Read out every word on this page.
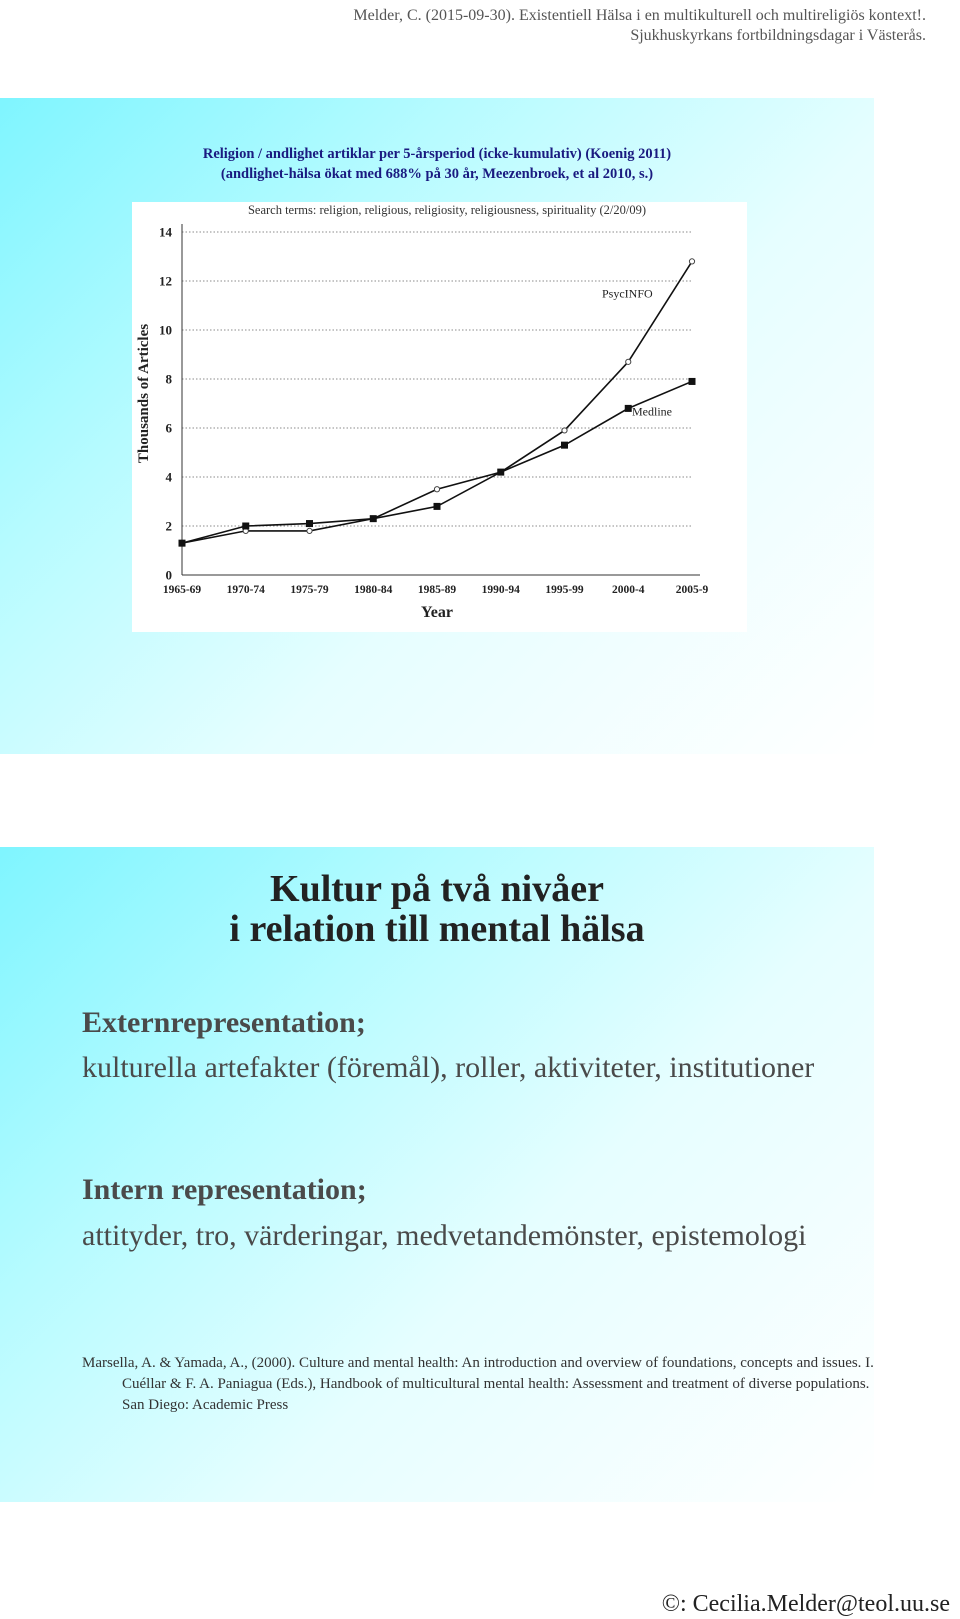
Melder, C. (2015-09-30). Existentiell Hälsa i en multikulturell och multireligiös kontext!.
Sjukhuskyrkans fortbildningsdagar i Västerås.
Religion / andlighet artiklar per 5-årsperiod (icke-kumulativ) (Koenig 2011)
(andlighet-hälsa ökat med 688% på 30 år, Meezenbroek, et al 2010, s.)
Search terms: religion, religious, religiosity, religiousness, spirituality (2/20/09)
0
2
4
6
8
10
12
14
1965-69 1970-74 1975-79 1980-84 1985-89 1990-94 1995-99 2000-4	2005-9
Year
Thousands of Articles
PsycINFO
Medline
Kultur på två nivåer
i relation till mental hälsa
Externrepresentation;
kulturella artefakter (föremål), roller, aktiviteter, institutioner
Intern representation;
attityder, tro, värderingar, medvetandemönster, epistemologi
Marsella, A. & Yamada, A., (2000). Culture and mental health: An introduction and overview of foundations, concepts and issues. I. Cuéllar & F. A. Paniagua (Eds.), Handbook of multicultural mental health: Assessment and treatment of diverse populations. San Diego: Academic Press
©: Cecilia.Melder@teol.uu.se
